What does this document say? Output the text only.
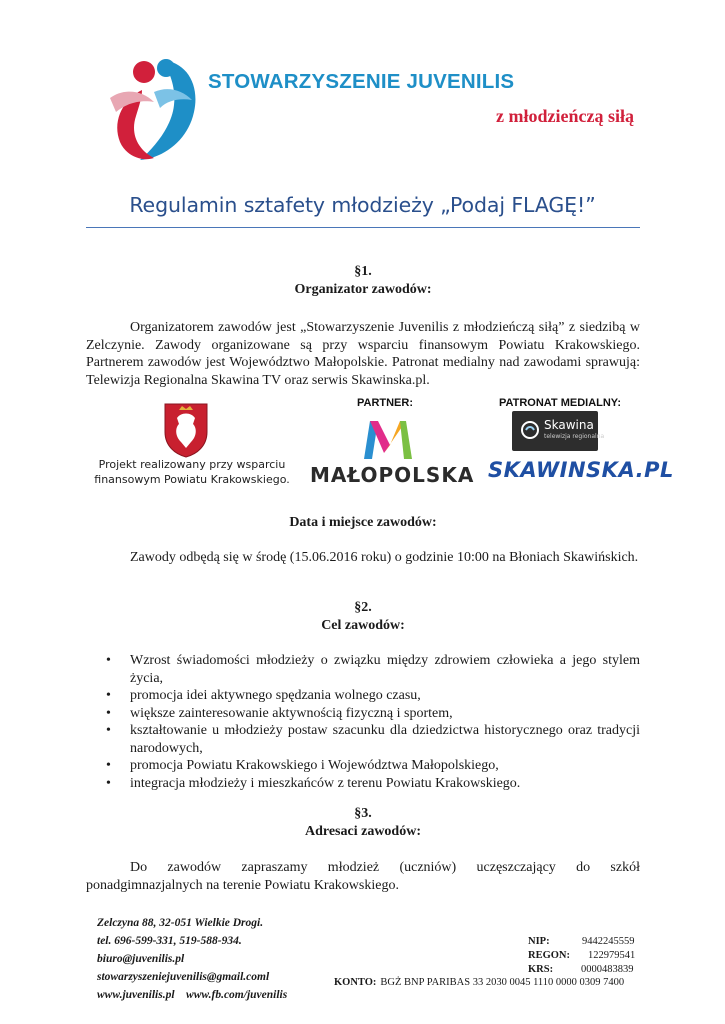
STOWARZYSZENIE JUVENILIS
z młodzieńczą siłą
Regulamin sztafety młodzieży „Podaj FLAGĘ!”
§1.
Organizator zawodów:
Organizatorem zawodów jest „Stowarzyszenie Juvenilis z młodzieńczą siłą” z siedzibą w Zelczynie. Zawody organizowane są przy wsparciu finansowym Powiatu Krakowskiego. Partnerem zawodów jest Województwo Małopolskie. Patronat medialny nad zawodami sprawują: Telewizja Regionalna Skawina TV oraz serwis Skawinska.pl.
Projekt realizowany przy wsparciu
finansowym Powiatu Krakowskiego.
PARTNER:
MAŁOPOLSKA
PATRONAT MEDIALNY:
Skawina
telewizja regionalna
SKAWINSKA.PL
Data i miejsce zawodów:
Zawody odbędą się w środę (15.06.2016 roku) o godzinie 10:00 na Błoniach Skawińskich.
§2.
Cel zawodów:
• Wzrost świadomości młodzieży o związku między zdrowiem człowieka a jego stylem życia,
• promocja idei aktywnego spędzania wolnego czasu,
• większe zainteresowanie aktywnością fizyczną i sportem,
• kształtowanie u młodzieży postaw szacunku dla dziedzictwa historycznego oraz tradycji narodowych,
• promocja Powiatu Krakowskiego i Województwa Małopolskiego,
• integracja młodzieży i mieszkańców z terenu Powiatu Krakowskiego.
§3.
Adresaci zawodów:
Do zawodów zapraszamy młodzież (uczniów) uczęszczający do szkół ponadgimnazjalnych na terenie Powiatu Krakowskiego.
Zelczyna 88, 32-051 Wielkie Drogi.
tel. 696-599-331, 519-588-934.
biuro@juvenilis.pl
stowarzyszeniejuvenilis@gmail.coml
www.juvenilis.pl    www.fb.com/juvenilis
NIP:	9442245559
REGON: 122979541
KRS:	0000483839
KONTO: BGŻ BNP PARIBAS 33 2030 0045 1110 0000 0309 7400
